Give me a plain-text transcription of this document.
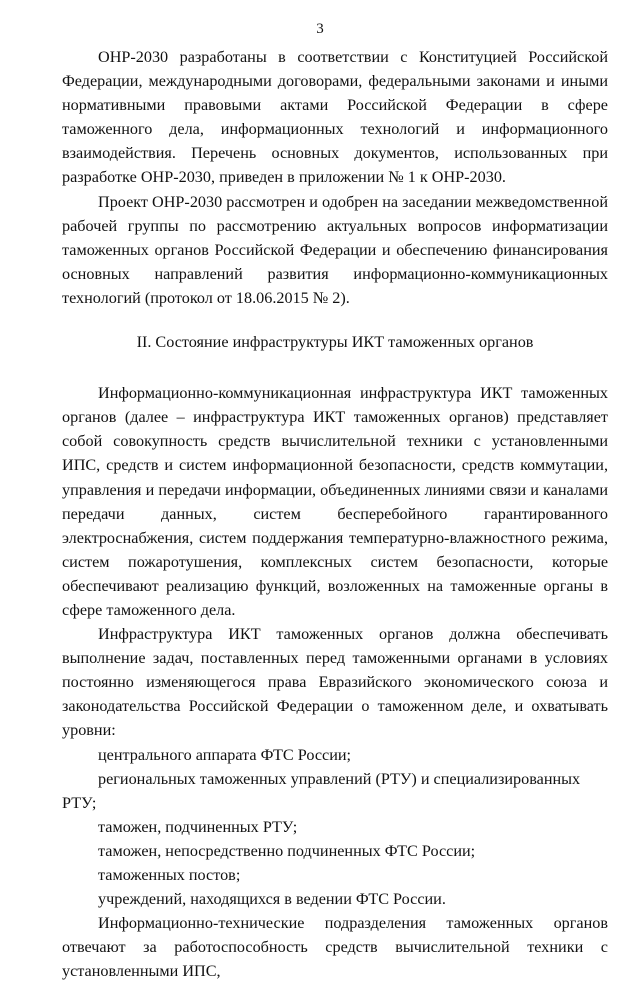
3

ОНР-2030 разработаны в соответствии с Конституцией Российской Федерации, международными договорами, федеральными законами и иными нормативными правовыми актами Российской Федерации в сфере таможенного дела, информационных технологий и информационного взаимодействия. Перечень основных документов, использованных при разработке ОНР-2030, приведен в приложении № 1 к ОНР-2030.

Проект ОНР-2030 рассмотрен и одобрен на заседании межведомственной рабочей группы по рассмотрению актуальных вопросов информатизации таможенных органов Российской Федерации и обеспечению финансирования основных направлений развития информационно-коммуникационных технологий (протокол от 18.06.2015 № 2).

II. Состояние инфраструктуры ИКТ таможенных органов

Информационно-коммуникационная инфраструктура ИКТ таможенных органов (далее – инфраструктура ИКТ таможенных органов) представляет собой совокупность средств вычислительной техники с установленными ИПС, средств и систем информационной безопасности, средств коммутации, управления и передачи информации, объединенных линиями связи и каналами передачи данных, систем бесперебойного гарантированного электроснабжения, систем поддержания температурно-влажностного режима, систем пожаротушения, комплексных систем безопасности, которые обеспечивают реализацию функций, возложенных на таможенные органы в сфере таможенного дела.

Инфраструктура ИКТ таможенных органов должна обеспечивать выполнение задач, поставленных перед таможенными органами в условиях постоянно изменяющегося права Евразийского экономического союза и законодательства Российской Федерации о таможенном деле, и охватывать уровни:

центрального аппарата ФТС России;

региональных таможенных управлений (РТУ) и специализированных РТУ;

таможен, подчиненных РТУ;

таможен, непосредственно подчиненных ФТС России;

таможенных постов;

учреждений, находящихся в ведении ФТС России.

Информационно-технические подразделения таможенных органов отвечают за работоспособность средств вычислительной техники с установленными ИПС,
